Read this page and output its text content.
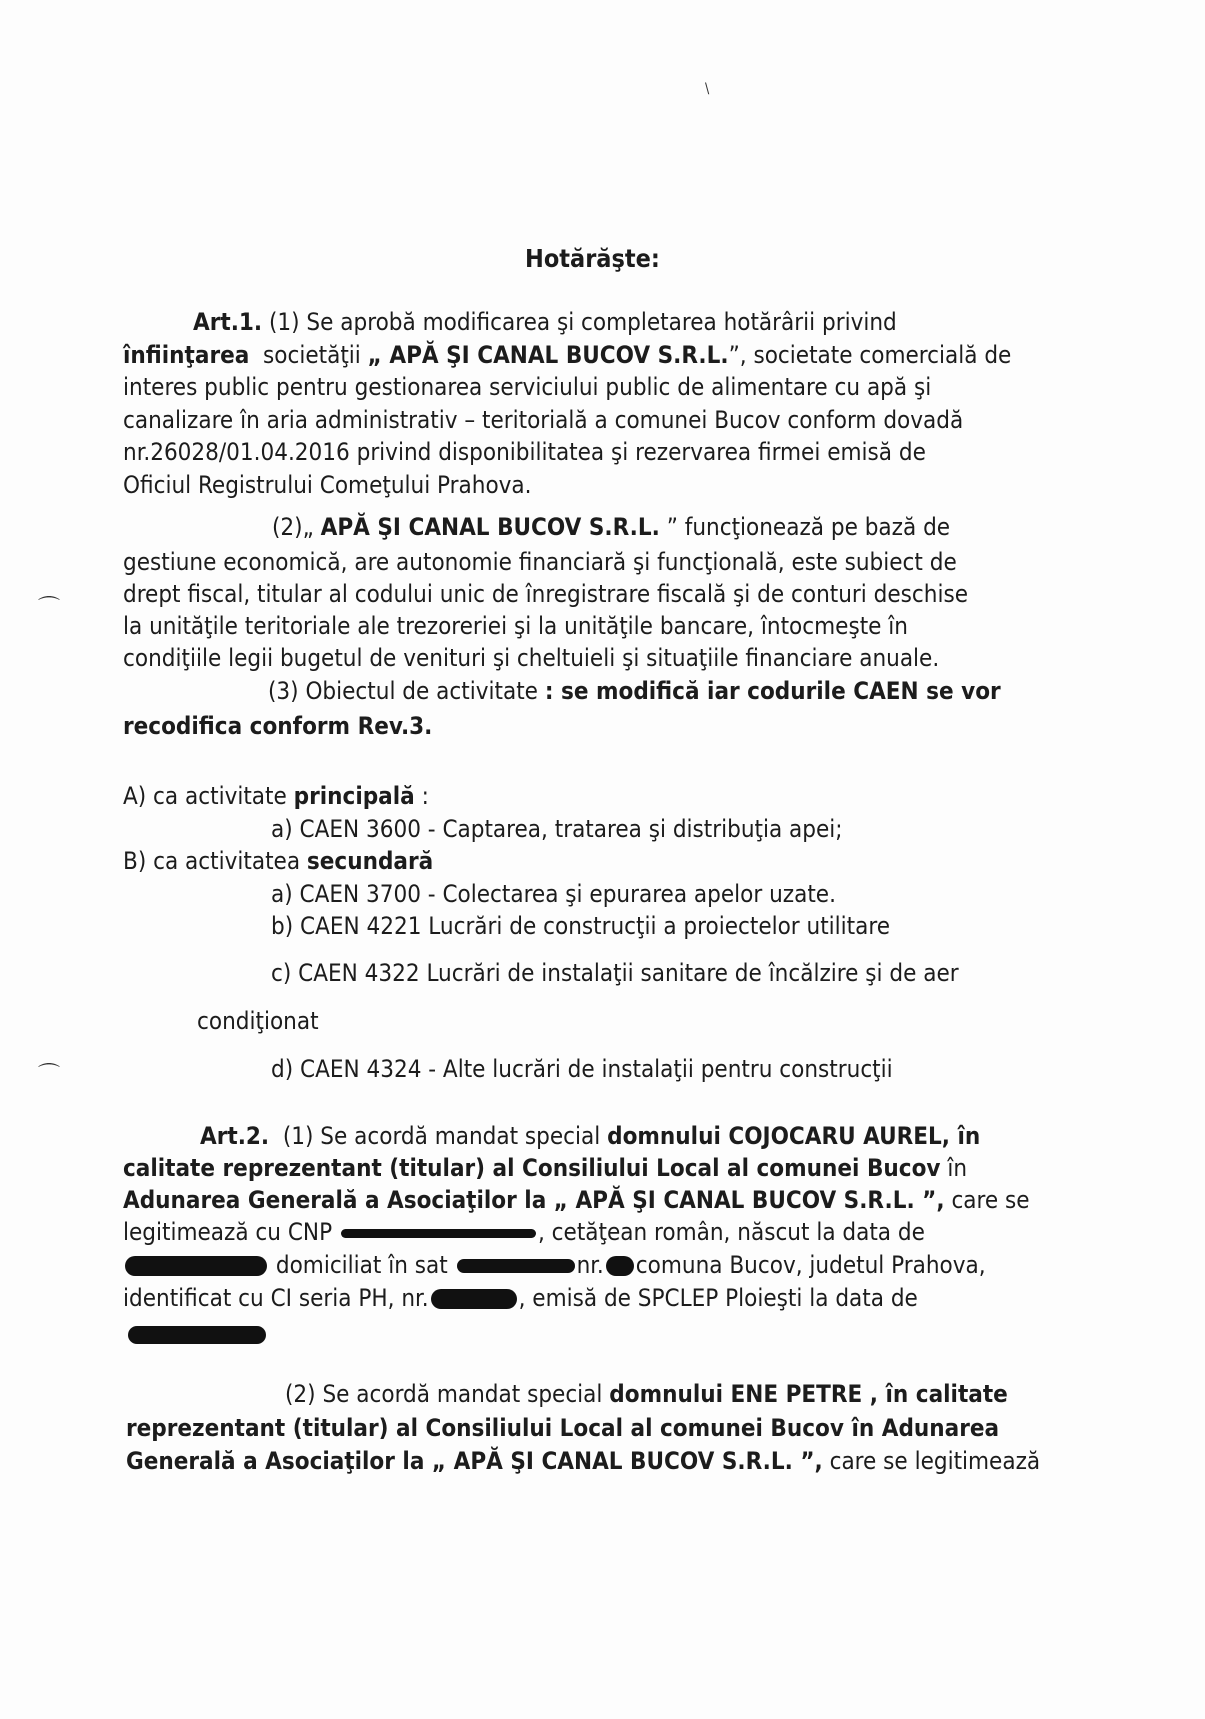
Hotărăşte:
Art.1. (1) Se aprobă modificarea şi completarea hotărârii privind
înfiinţarea societăţii „ APĂ ŞI CANAL BUCOV S.R.L.”, societate comercială de
interes public pentru gestionarea serviciului public de alimentare cu apă şi
canalizare în aria administrativ – teritorială a comunei Bucov conform dovadă
nr.26028/01.04.2016 privind disponibilitatea şi rezervarea firmei emisă de
Oficiul Registrului Comeţului Prahova.
(2)„ APĂ ŞI CANAL BUCOV S.R.L. ” funcţionează pe bază de
gestiune economică, are autonomie financiară şi funcţională, este subiect de
drept fiscal, titular al codului unic de înregistrare fiscală şi de conturi deschise
la unităţile teritoriale ale trezoreriei şi la unităţile bancare, întocmeşte în
condiţiile legii bugetul de venituri şi cheltuieli şi situaţiile financiare anuale.
(3) Obiectul de activitate : se modifică iar codurile CAEN se vor
recodifica conform Rev.3.
A) ca activitate principală :
a) CAEN 3600 - Captarea, tratarea şi distribuţia apei;
B) ca activitatea secundară
a) CAEN 3700 - Colectarea şi epurarea apelor uzate.
b) CAEN 4221 Lucrări de construcţii a proiectelor utilitare
c) CAEN 4322 Lucrări de instalaţii sanitare de încălzire şi de aer
condiţionat
d) CAEN 4324 - Alte lucrări de instalaţii pentru construcţii
Art.2. (1) Se acordă mandat special domnului COJOCARU AUREL, în
calitate reprezentant (titular) al Consiliului Local al comunei Bucov în
Adunarea Generală a Asociaţilor la „ APĂ ŞI CANAL BUCOV S.R.L. ”, care se
legitimează cu CNP	, cetăţean român, născut la data de
domiciliat în sat	nr. comuna Bucov, judetul Prahova,
identificat cu CI seria PH, nr.	, emisă de SPCLEP Ploieşti la data de
(2) Se acordă mandat special domnului ENE PETRE , în calitate
reprezentant (titular) al Consiliului Local al comunei Bucov în Adunarea
Generală a Asociaţilor la „ APĂ ŞI CANAL BUCOV S.R.L. ”, care se legitimează
⌒
⌒
\
